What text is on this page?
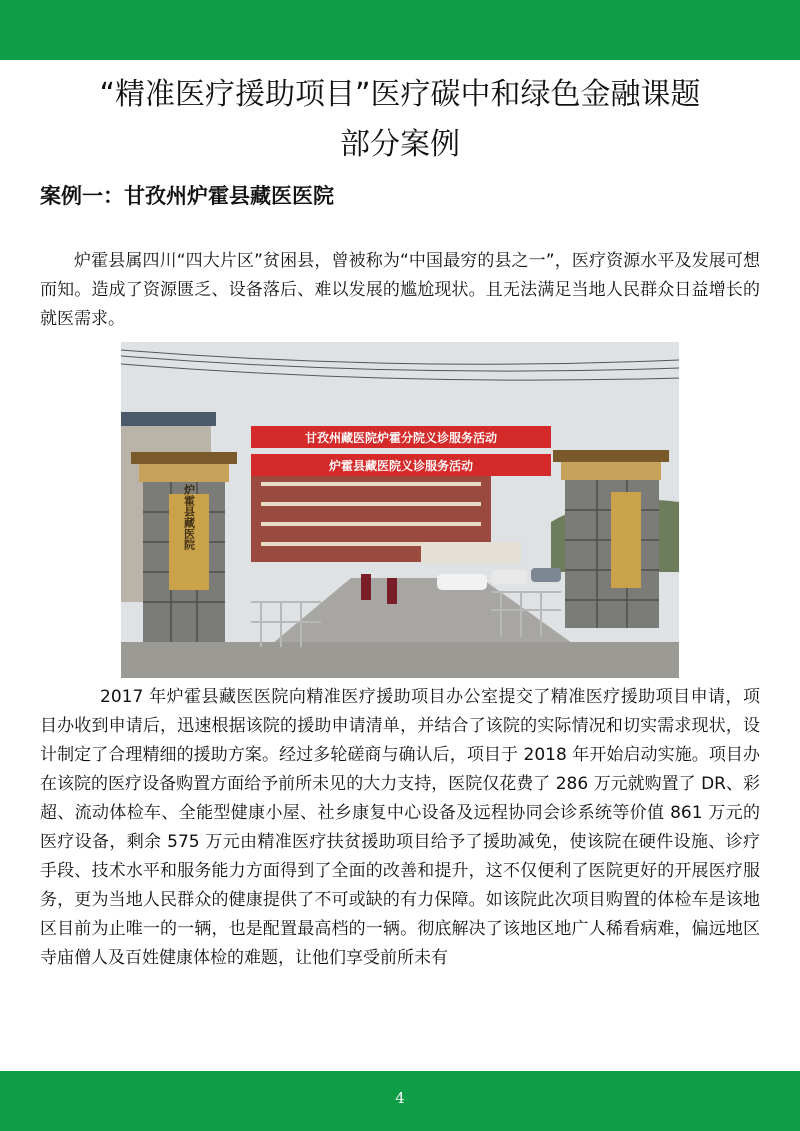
“精准医疗援助项目”医疗碳中和绿色金融课题
部分案例
案例一：甘孜州炉霍县藏医医院

炉霍县属四川“四大片区”贫困县，曾被称为“中国最穷的县之一”，医疗资源水平及发展可想而知。造成了资源匮乏、设备落后、难以发展的尴尬现状。且无法满足当地人民群众日益增长的就医需求。

甘孜州藏医院炉霍分院义诊服务活动
炉霍县藏医院义诊服务活动
炉霍县藏医院

2017 年炉霍县藏医医院向精准医疗援助项目办公室提交了精准医疗援助项目申请，项目办收到申请后，迅速根据该院的援助申请清单，并结合了该院的实际情况和切实需求现状，设计制定了合理精细的援助方案。经过多轮磋商与确认后，项目于 2018 年开始启动实施。项目办在该院的医疗设备购置方面给予前所未见的大力支持，医院仅花费了 286 万元就购置了 DR、彩超、流动体检车、全能型健康小屋、社乡康复中心设备及远程协同会诊系统等价值 861 万元的医疗设备，剩余 575 万元由精准医疗扶贫援助项目给予了援助减免，使该院在硬件设施、诊疗手段、技术水平和服务能力方面得到了全面的改善和提升，这不仅便利了医院更好的开展医疗服务，更为当地人民群众的健康提供了不可或缺的有力保障。如该院此次项目购置的体检车是该地区目前为止唯一的一辆，也是配置最高档的一辆。彻底解决了该地区地广人稀看病难，偏远地区寺庙僧人及百姓健康体检的难题，让他们享受前所未有

4
